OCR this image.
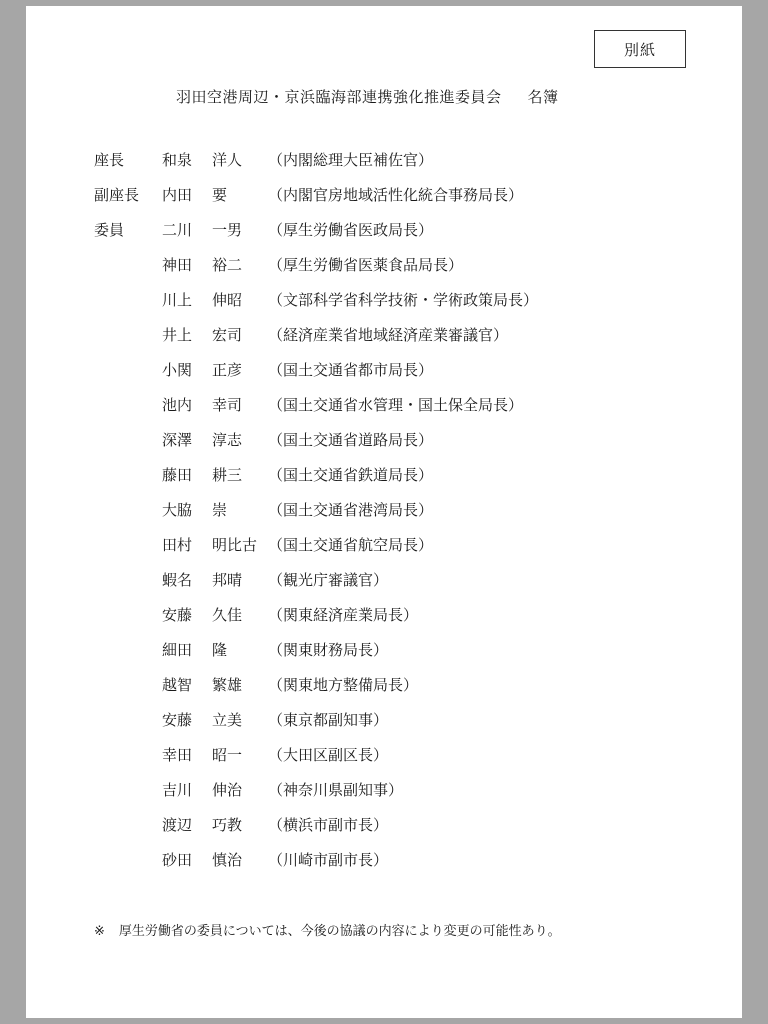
別紙
羽田空港周辺・京浜臨海部連携強化推進委員会 名簿
座長	和泉 洋人 （内閣総理大臣補佐官）
副座長 内田 要	（内閣官房地域活性化統合事務局長）
委員	二川 一男 （厚生労働省医政局長）
神田 裕二 （厚生労働省医薬食品局長）
川上 伸昭 （文部科学省科学技術・学術政策局長）
井上 宏司 （経済産業省地域経済産業審議官）
小関 正彦 （国土交通省都市局長）
池内 幸司 （国土交通省水管理・国土保全局長）
深澤 淳志 （国土交通省道路局長）
藤田 耕三 （国土交通省鉄道局長）
大脇 崇	（国土交通省港湾局長）
田村 明比古 （国土交通省航空局長）
蝦名 邦晴 （観光庁審議官）
安藤 久佳 （関東経済産業局長）
細田 隆	（関東財務局長）
越智 繁雄 （関東地方整備局長）
安藤 立美 （東京都副知事）
幸田 昭一 （大田区副区長）
吉川 伸治 （神奈川県副知事）
渡辺 巧教 （横浜市副市長）
砂田 慎治 （川崎市副市長）
※ 厚生労働省の委員については、今後の協議の内容により変更の可能性あり。
